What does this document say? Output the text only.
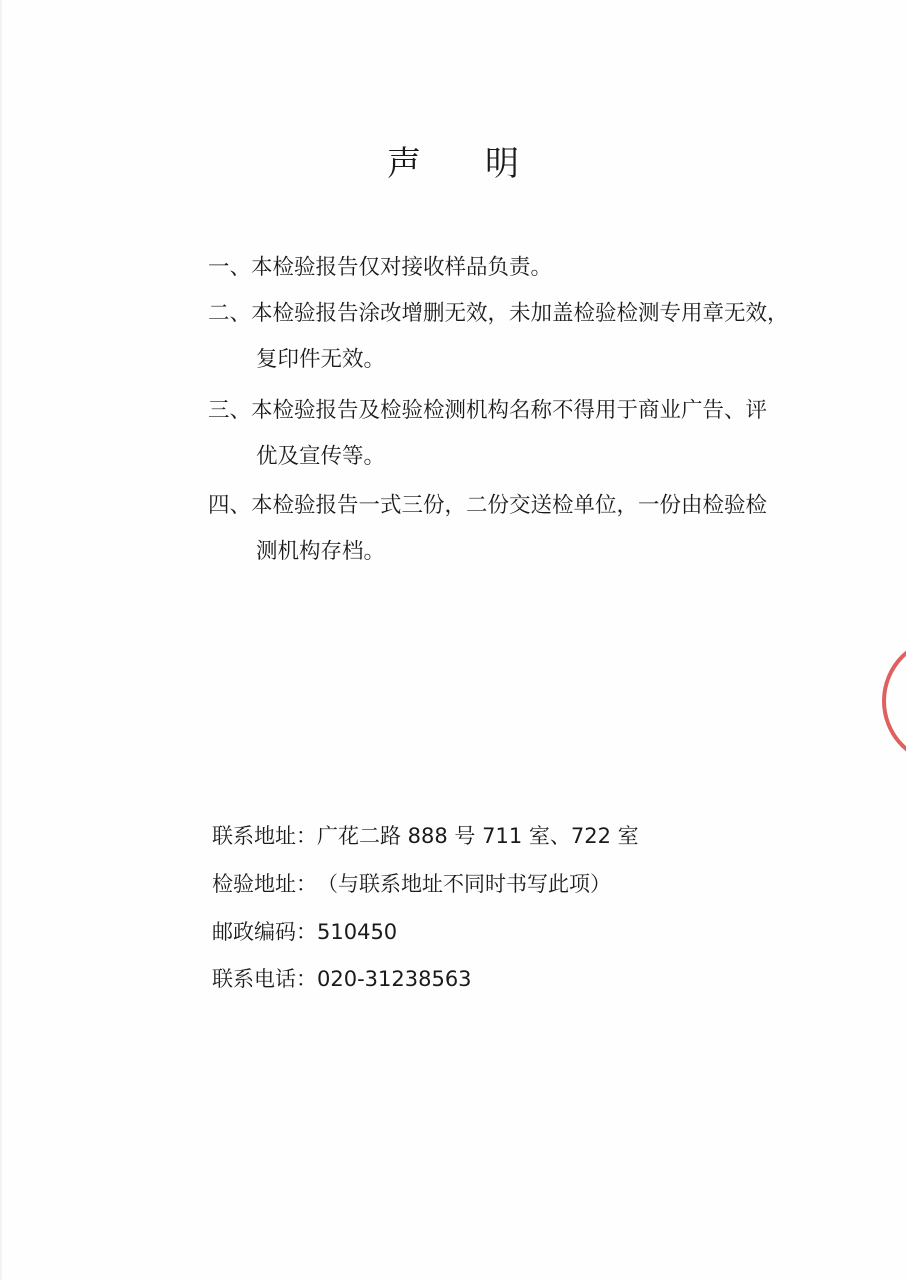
声 明
一、本检验报告仅对接收样品负责。
二、本检验报告涂改增删无效，未加盖检验检测专用章无效，
复印件无效。
三、本检验报告及检验检测机构名称不得用于商业广告、评
优及宣传等。
四、本检验报告一式三份，二份交送检单位，一份由检验检
测机构存档。
联系地址：广花二路 888 号 711 室、722 室
检验地址：（与联系地址不同时书写此项）
邮政编码：510450
联系电话：020-31238563
